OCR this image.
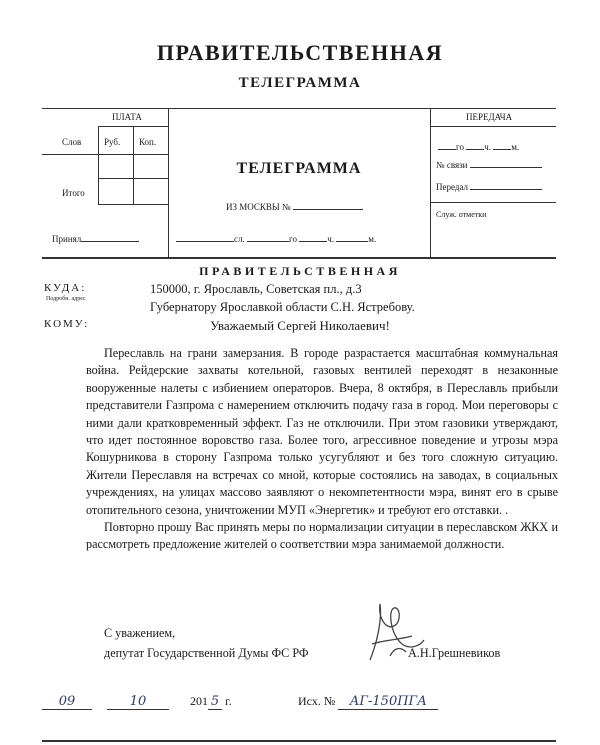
ПРАВИТЕЛЬСТВЕННАЯ
ТЕЛЕГРАММА
ПЛАТА
Слов	Руб. Коп.
Итого
Принял
ТЕЛЕГРАММА
ИЗ МОСКВЫ №
сл.	го	ч.	м.
ПЕРЕДАЧА
го ч. м.
№ связи
Передал
Служ. отметки
ПРАВИТЕЛЬСТВЕННАЯ
КУДА:
Подробн. адрес
150000, г. Ярославль, Советская пл., д.3
КОМУ:
Губернатору Ярославкой области С.Н. Ястребову.
Уважаемый Сергей Николаевич!

Переславль на грани замерзания. В городе разрастается масштабная коммунальная война. Рейдерские захваты котельной, газовых вентилей переходят в незаконные вооруженные налеты с избиением операторов. Вчера, 8 октября, в Переславль прибыли представители Газпрома с намерением отключить подачу газа в город. Мои переговоры с ними дали кратковременный эффект. Газ не отключили. При этом газовики утверждают, что идет постоянное воровство газа. Более того, агрессивное поведение и угрозы мэра Кошурникова в сторону Газпрома только усугубляют и без того сложную ситуацию. Жители Переславля на встречах со мной, которые состоялись на заводах, в социальных учреждениях, на улицах массово заявляют о некомпетентности мэра, винят его в срыве отопительного сезона, уничтожении МУП «Энергетик» и требуют его отставки. .

Повторно прошу Вас принять меры по нормализации ситуации в переславском ЖКХ и рассмотреть предложение жителей о соответствии мэра занимаемой должности.

С уважением,
депутат Государственной Думы ФС РФ	А.Н.Грешневиков
09	10	201 5 г.	Исх. № АГ-150ПГА
